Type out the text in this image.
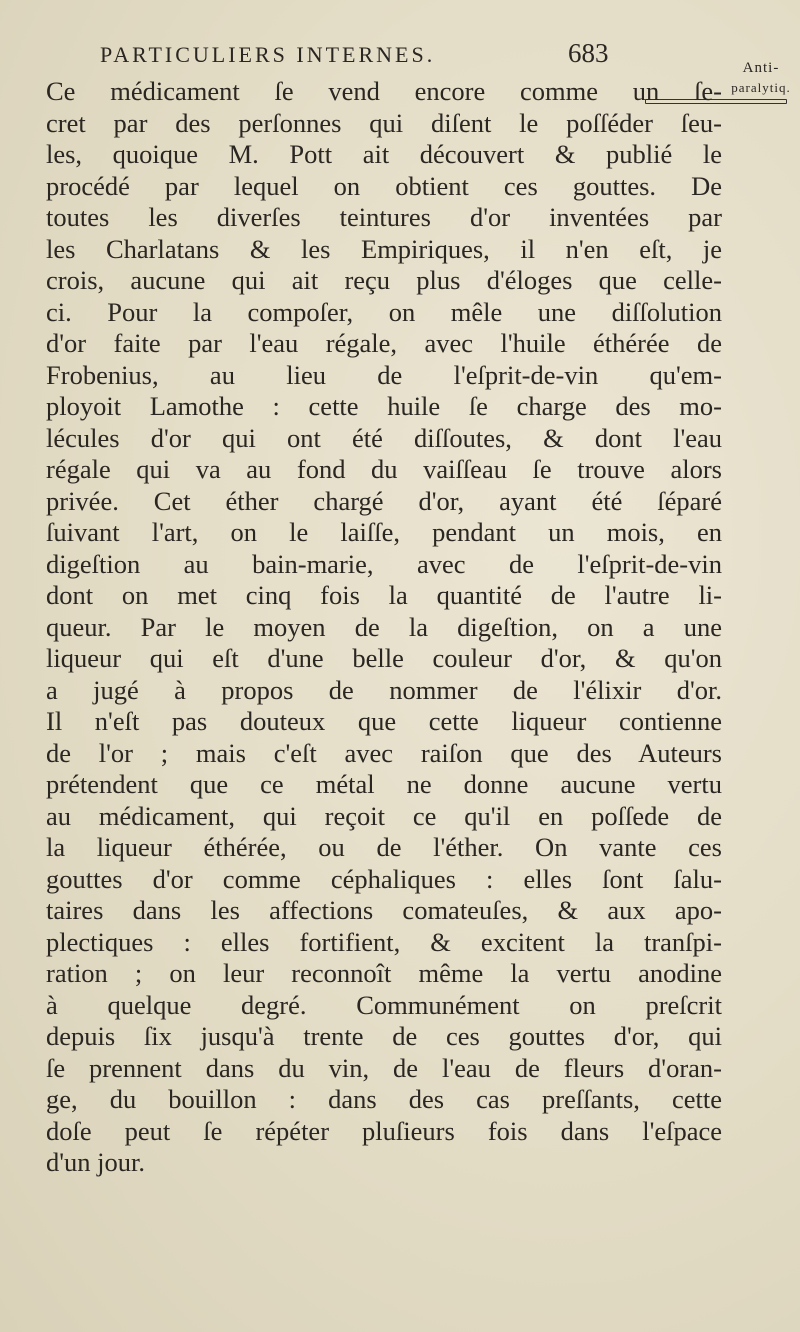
PARTICULIERS INTERNES.	683	Anti-
paralytiq.
Ce médicament ſe vend encore comme un ſe-
cret par des perſonnes qui diſent le poſſéder ſeu-
les, quoique M. Pott ait découvert & publié le
procédé par lequel on obtient ces gouttes. De
toutes les diverſes teintures d'or inventées par
les Charlatans & les Empiriques, il n'en eſt, je
crois, aucune qui ait reçu plus d'éloges que celle-
ci. Pour la compoſer, on mêle une diſſolution
d'or faite par l'eau régale, avec l'huile éthérée de
Frobenius, au lieu de l'eſprit-de-vin qu'em-
ployoit Lamothe : cette huile ſe charge des mo-
lécules d'or qui ont été diſſoutes, & dont l'eau
régale qui va au fond du vaiſſeau ſe trouve alors
privée. Cet éther chargé d'or, ayant été ſéparé
ſuivant l'art, on le laiſſe, pendant un mois, en
digeſtion au bain-marie, avec de l'eſprit-de-vin
dont on met cinq fois la quantité de l'autre li-
queur. Par le moyen de la digeſtion, on a une
liqueur qui eſt d'une belle couleur d'or, & qu'on
a jugé à propos de nommer de l'élixir d'or.
Il n'eſt pas douteux que cette liqueur contienne
de l'or ; mais c'eſt avec raiſon que des Auteurs
prétendent que ce métal ne donne aucune vertu
au médicament, qui reçoit ce qu'il en poſſede de
la liqueur éthérée, ou de l'éther. On vante ces
gouttes d'or comme céphaliques : elles ſont ſalu-
taires dans les affections comateuſes, & aux apo-
plectiques : elles fortifient, & excitent la tranſpi-
ration ; on leur reconnoît même la vertu anodine
à quelque degré. Communément on preſcrit
depuis ſix jusqu'à trente de ces gouttes d'or, qui
ſe prennent dans du vin, de l'eau de fleurs d'oran-
ge, du bouillon : dans des cas preſſants, cette
doſe peut ſe répéter pluſieurs fois dans l'eſpace
d'un jour.
